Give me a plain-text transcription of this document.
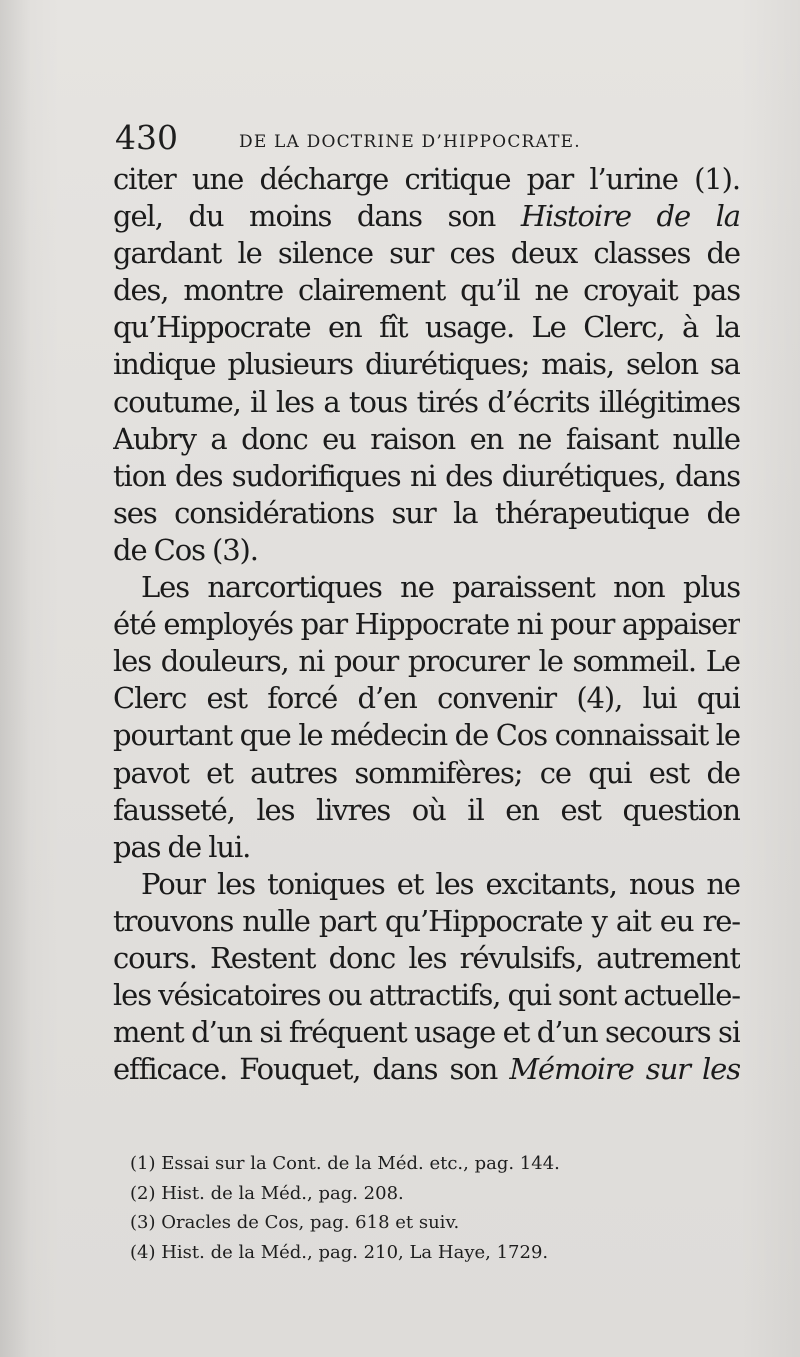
430	DE LA DOCTRINE D’HIPPOCRATE.
citer une décharge critique par l’urine (1).
gel, du moins dans son Histoire de la
gardant le silence sur ces deux classes de
des, montre clairement qu’il ne croyait pas
qu’Hippocrate en fît usage. Le Clerc, à la
indique plusieurs diurétiques; mais, selon sa
coutume, il les a tous tirés d’écrits illégitimes
Aubry a donc eu raison en ne faisant nulle
tion des sudorifiques ni des diurétiques, dans
ses considérations sur la thérapeutique de
de Cos (3).
Les narcortiques ne paraissent non plus
été employés par Hippocrate ni pour appaiser
les douleurs, ni pour procurer le sommeil. Le
Clerc est forcé d’en convenir (4), lui qui
pourtant que le médecin de Cos connaissait le
pavot et autres sommifères; ce qui est de
fausseté, les livres où il en est question
pas de lui.
Pour les toniques et les excitants, nous ne
trouvons nulle part qu’Hippocrate y ait eu re-
cours. Restent donc les révulsifs, autrement
les vésicatoires ou attractifs, qui sont actuelle-
ment d’un si fréquent usage et d’un secours si
efficace. Fouquet, dans son Mémoire sur les
(1) Essai sur la Cont. de la Méd. etc., pag. 144.
(2) Hist. de la Méd., pag. 208.
(3) Oracles de Cos, pag. 618 et suiv.
(4) Hist. de la Méd., pag. 210, La Haye, 1729.
